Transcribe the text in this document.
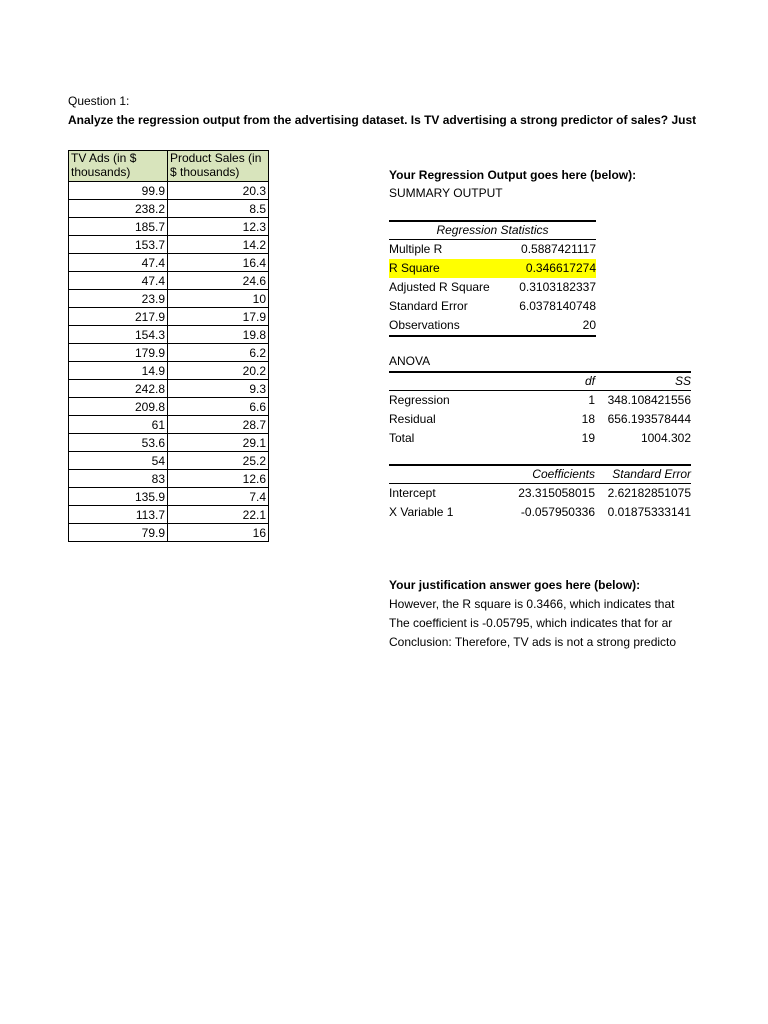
Question 1:
Analyze the regression output from the advertising dataset. Is TV advertising a strong predictor of sales? Just
TV Ads (in $ thousands)	Product Sales (in $ thousands)
99.9	20.3
238.2	8.5
185.7	12.3
153.7	14.2
47.4	16.4
47.4	24.6
23.9	10
217.9	17.9
154.3	19.8
179.9	6.2
14.9	20.2
242.8	9.3
209.8	6.6
61	28.7
53.6	29.1
54	25.2
83	12.6
135.9	7.4
113.7	22.1
79.9	16
Your Regression Output goes here (below):
SUMMARY OUTPUT
Regression Statistics
Multiple R	0.5887421117
R Square	0.346617274
Adjusted R Square 0.3103182337
Standard Error	6.0378140748
Observations	20
ANOVA
df	SS
Regression	1 348.108421556
Residual	18 656.193578444
Total	19	1004.302
Coefficients Standard Error
Intercept	23.315058015 2.62182851075
X Variable 1	-0.057950336 0.01875333141
Your justification answer goes here (below):
However, the R square is 0.3466, which indicates that
The coefficient is -0.05795, which indicates that for ar
Conclusion: Therefore, TV ads is not a strong predicto
